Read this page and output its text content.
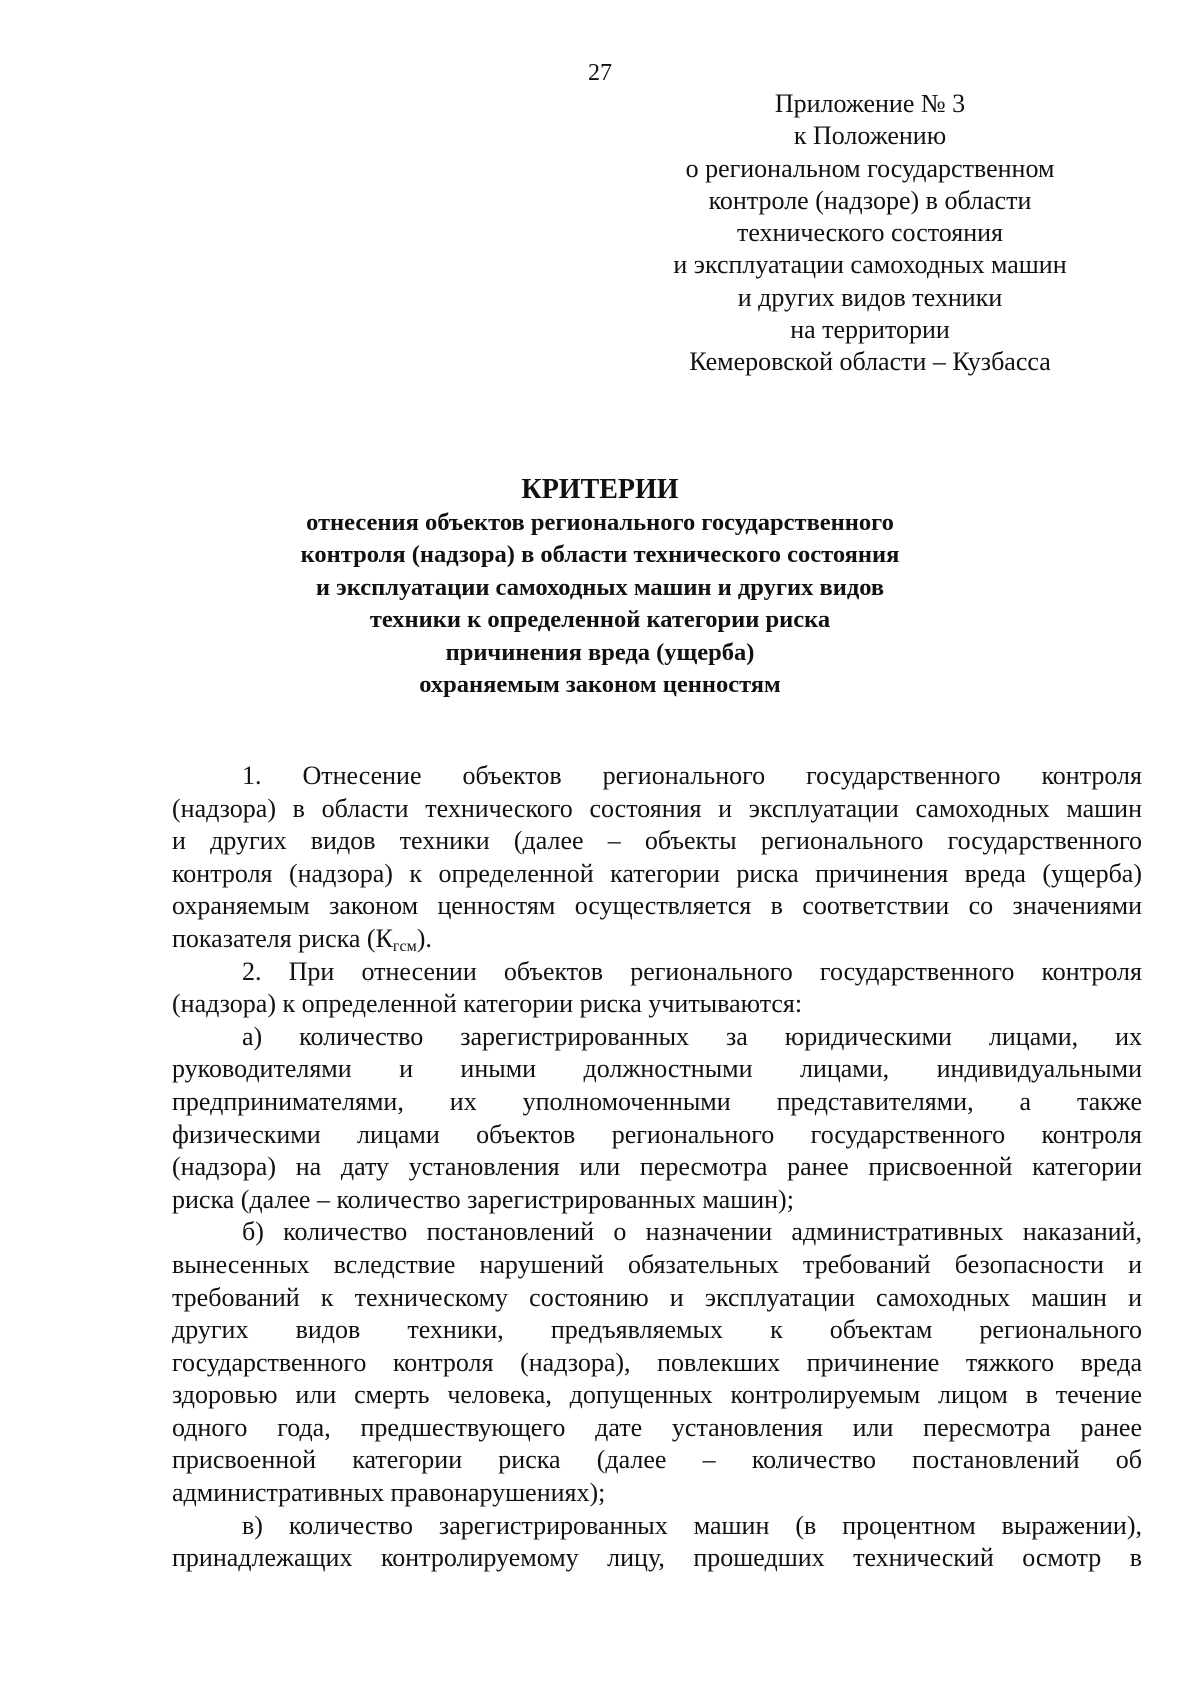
27
Приложение № 3
к Положению
о региональном государственном
контроле (надзоре) в области
технического состояния
и эксплуатации самоходных машин
и других видов техники
на территории
Кемеровской области – Кузбасса
КРИТЕРИИ
отнесения объектов регионального государственного
контроля (надзора) в области технического состояния
и эксплуатации самоходных машин и других видов
техники к определенной категории риска
причинения вреда (ущерба)
охраняемым законом ценностям

1. Отнесение объектов регионального государственного контроля

(надзора) в области технического состояния и эксплуатации самоходных машин

и других видов техники (далее – объекты регионального государственного

контроля (надзора) к определенной категории риска причинения вреда (ущерба)

охраняемым законом ценностям осуществляется в соответствии со значениями

показателя риска $(К_{гсм})$.

2. При отнесении объектов регионального государственного контроля

(надзора) к определенной категории риска учитываются:

а) количество зарегистрированных за юридическими лицами, их

руководителями и иными должностными лицами, индивидуальными

предпринимателями, их уполномоченными представителями, а также

физическими лицами объектов регионального государственного контроля

(надзора) на дату установления или пересмотра ранее присвоенной категории

риска (далее – количество зарегистрированных машин);

б) количество постановлений о назначении административных наказаний,

вынесенных вследствие нарушений обязательных требований безопасности и

требований к техническому состоянию и эксплуатации самоходных машин и

других видов техники, предъявляемых к объектам регионального

государственного контроля (надзора), повлекших причинение тяжкого вреда

здоровью или смерть человека, допущенных контролируемым лицом в течение

одного года, предшествующего дате установления или пересмотра ранее

присвоенной категории риска (далее – количество постановлений об

административных правонарушениях);

в) количество зарегистрированных машин (в процентном выражении),

принадлежащих контролируемому лицу, прошедших технический осмотр в
